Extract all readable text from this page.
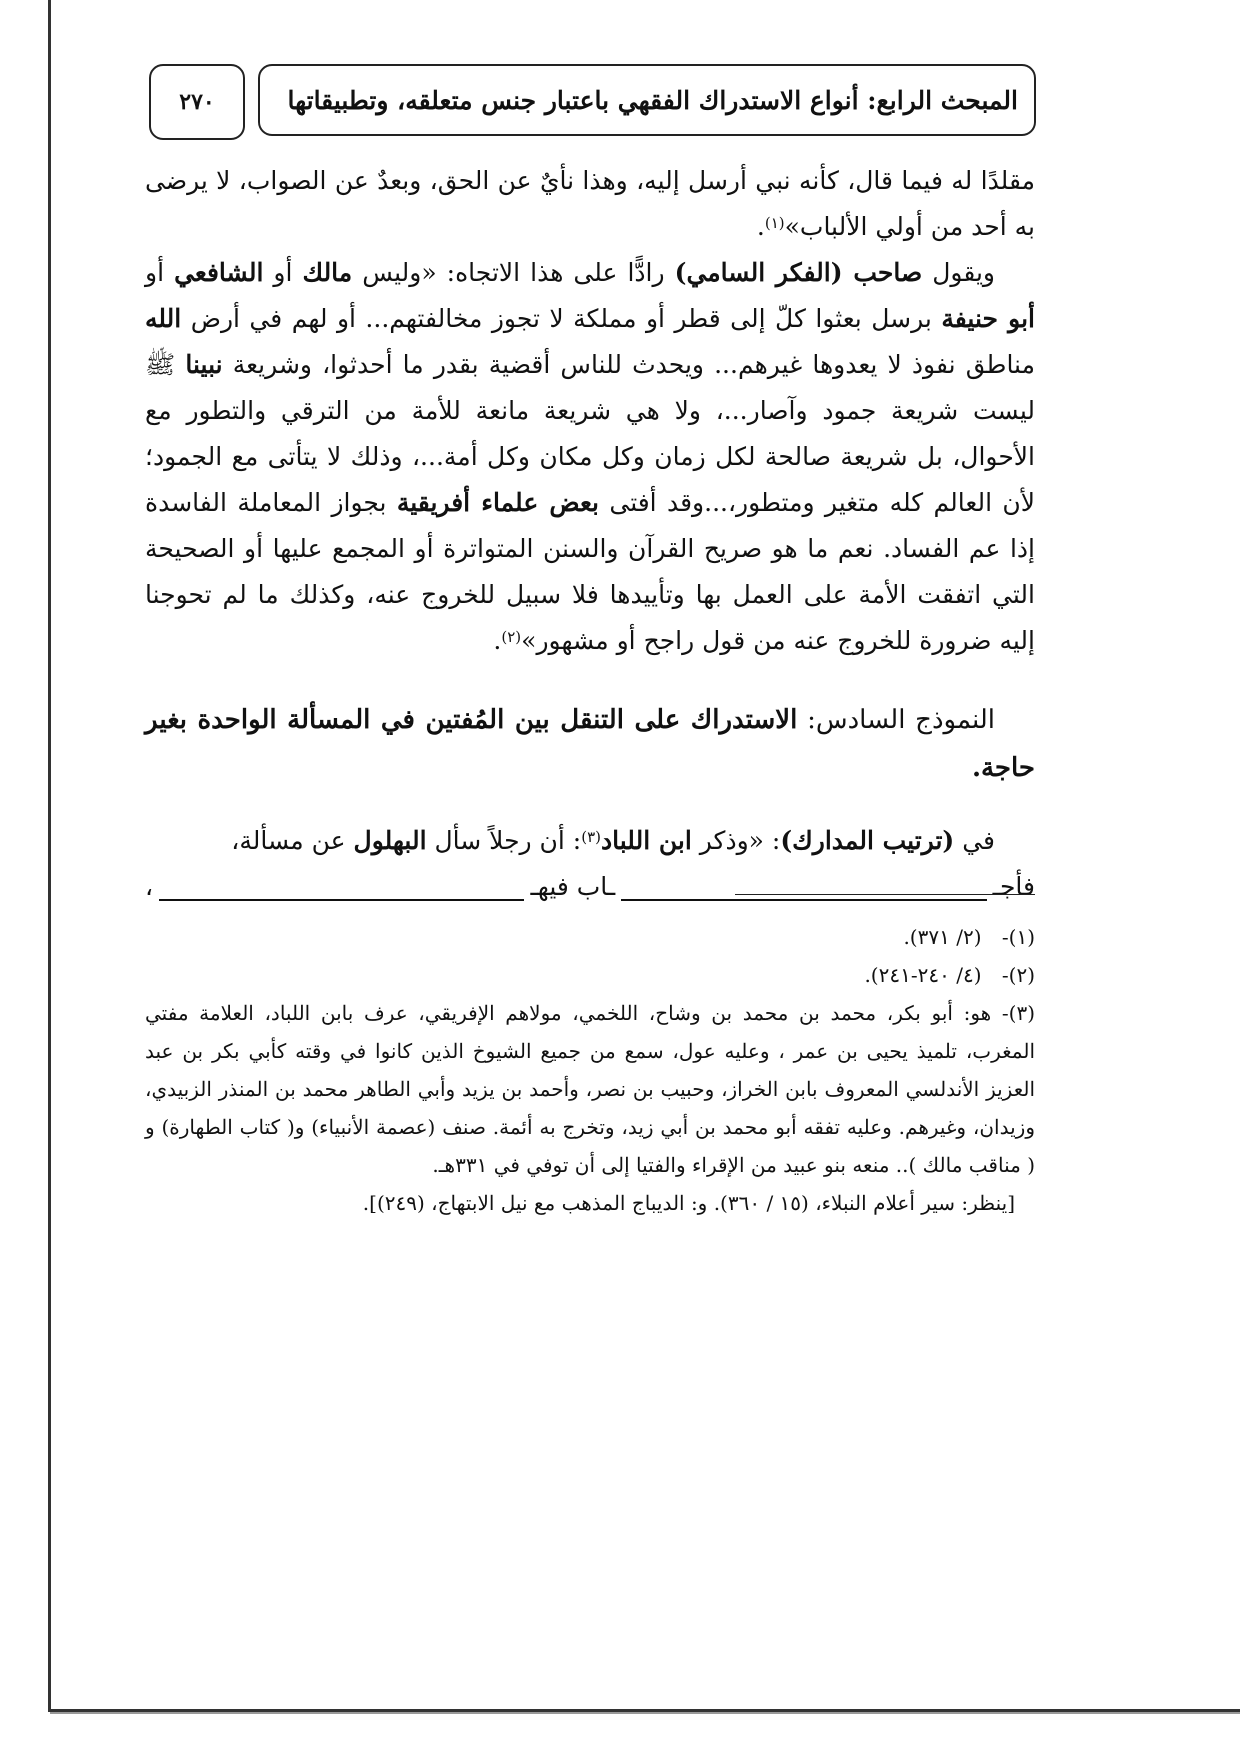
المبحث الرابع: أنواع الاستدراك الفقهي باعتبار جنس متعلقه، وتطبيقاتها
٢٧٠

مقلدًا له فيما قال، كأنه نبي أرسل إليه، وهذا نأيٌ عن الحق، وبعدٌ عن الصواب، لا يرضى به أحد من أولي الألباب»$^{(١)}$.

ويقول صاحب (الفكر السامي) رادًّا على هذا الاتجاه: «وليس مالك أو الشافعي أو أبو حنيفة برسل بعثوا كلّ إلى قطر أو مملكة لا تجوز مخالفتهم... أو لهم في أرض الله مناطق نفوذ لا يعدوها غيرهم... ويحدث للناس أقضية بقدر ما أحدثوا، وشريعة نبينا ﷺ ليست شريعة جمود وآصار...، ولا هي شريعة مانعة للأمة من الترقي والتطور مع الأحوال، بل شريعة صالحة لكل زمان وكل مكان وكل أمة...، وذلك لا يتأتى مع الجمود؛ لأن العالم كله متغير ومتطور،...وقد أفتى بعض علماء أفريقية بجواز المعاملة الفاسدة إذا عم الفساد. نعم ما هو صريح القرآن والسنن المتواترة أو المجمع عليها أو الصحيحة التي اتفقت الأمة على العمل بها وتأييدها فلا سبيل للخروج عنه، وكذلك ما لم تحوجنا إليه ضرورة للخروج عنه من قول راجح أو مشهور»$^{(٢)}$.

النموذج السادس: الاستدراك على التنقل بين المُفتين في المسألة الواحدة بغير حاجة.

في (ترتيب المدارك): «وذكر ابن اللباد$^{(٣)}$: أن رجلاً سأل البهلول عن مسألة،

فأجـ
ـاب فيهـ
،

(١)- (٢/ ٣٧١).

(٢)- (٤/ ٢٤٠-٢٤١).

(٣)- هو: أبو بكر، محمد بن محمد بن وشاح، اللخمي، مولاهم الإفريقي، عرف بابن اللباد، العلامة مفتي المغرب، تلميذ يحيى بن عمر ، وعليه عول، سمع من جميع الشيوخ الذين كانوا في وقته كأبي بكر بن عبد العزيز الأندلسي المعروف بابن الخراز، وحبيب بن نصر، وأحمد بن يزيد وأبي الطاهر محمد بن المنذر الزبيدي، وزيدان، وغيرهم. وعليه تفقه أبو محمد بن أبي زيد، وتخرج به أئمة. صنف (عصمة الأنبياء) و( كتاب الطهارة) و ( مناقب مالك ).. منعه بنو عبيد من الإقراء والفتيا إلى أن توفي في ٣٣١هـ.

[ينظر: سير أعلام النبلاء، (١٥ / ٣٦٠). و: الديباج المذهب مع نيل الابتهاج، (٢٤٩)].
